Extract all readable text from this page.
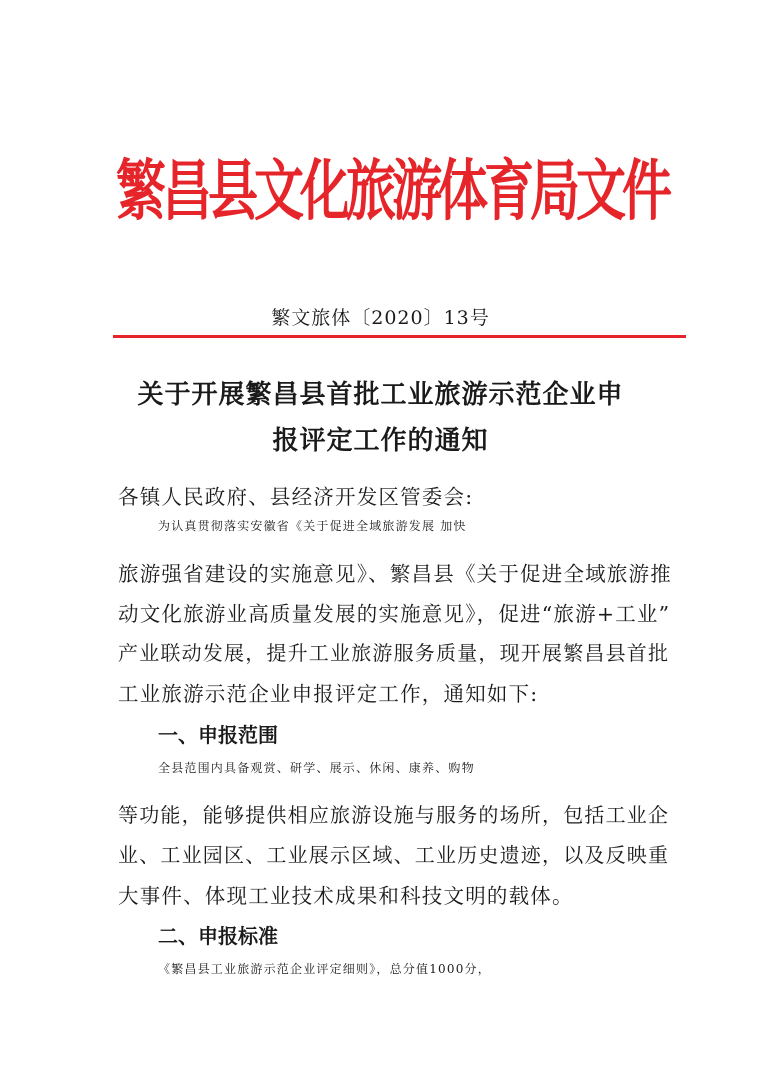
繁昌县文化旅游体育局文件
繁文旅体〔2020〕13号
关于开展繁昌县首批工业旅游示范企业申
报评定工作的通知
各镇人民政府、县经济开发区管委会:
为认真贯彻落实安徽省《关于促进全域旅游发展 加快
旅游强省建设的实施意见》、繁昌县《关于促进全域旅游推
动文化旅游业高质量发展的实施意见》，促进“旅游+工业”
产业联动发展，提升工业旅游服务质量，现开展繁昌县首批
工业旅游示范企业申报评定工作，通知如下:
一、申报范围
全县范围内具备观赏、研学、展示、休闲、康养、购物
等功能，能够提供相应旅游设施与服务的场所，包括工业企
业、工业园区、工业展示区域、工业历史遗迹，以及反映重
大事件、体现工业技术成果和科技文明的载体。
二、申报标准
《繁昌县工业旅游示范企业评定细则》，总分值1000分，
